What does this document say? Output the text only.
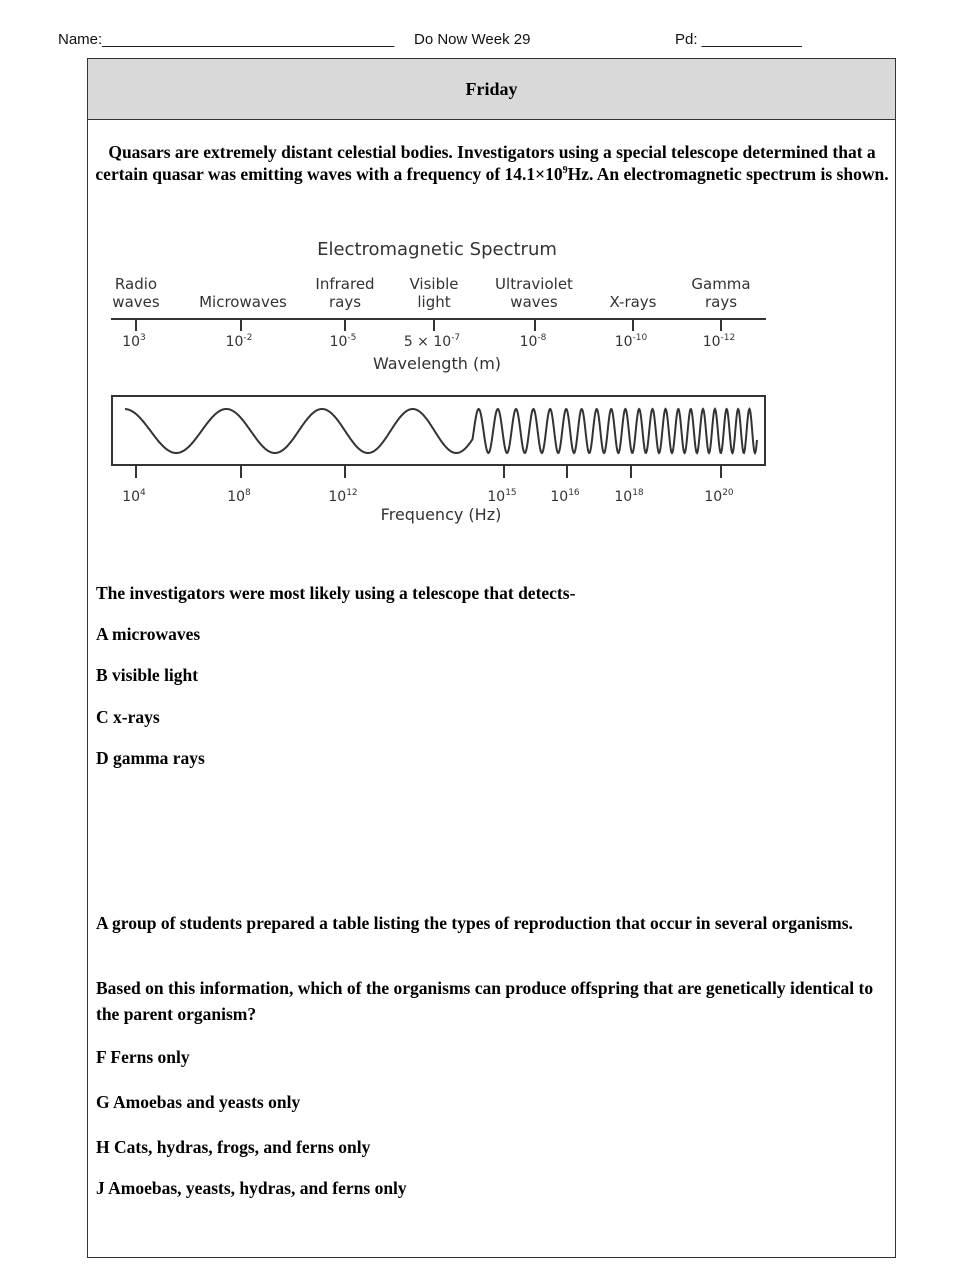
Name:___________________________________ Do Now Week 29	Pd: ____________
Friday
Quasars are extremely distant celestial bodies. Investigators using a special telescope determined that a certain quasar was emitting waves with a frequency of $14.1\times 10^9Hz$. An electromagnetic spectrum is shown.
Electromagnetic Spectrum
Radio
waves	Microwaves
Infrared
rays
Visible
light
Ultraviolet
waves	X-rays
Gamma
rays
$10^3$	$10^{-2}$	$10^{-5}$	$5 \times 10^{-7}$	$10^{-8}$	$10^{-10}$	$10^{-12}$
Wavelength (m)
$10^4$	$10^8$	$10^{12}$	$10^{15}$ $10^{16}$ $10^{18}$	$10^{20}$
Frequency (Hz)
The investigators were most likely using a telescope that detects-
A microwaves
B visible light
C x-rays
D gamma rays
A group of students prepared a table listing the types of reproduction that occur in several organisms.
Based on this information, which of the organisms can produce offspring that are genetically identical to the parent organism?
F Ferns only
G Amoebas and yeasts only
H Cats, hydras, frogs, and ferns only
J Amoebas, yeasts, hydras, and ferns only
